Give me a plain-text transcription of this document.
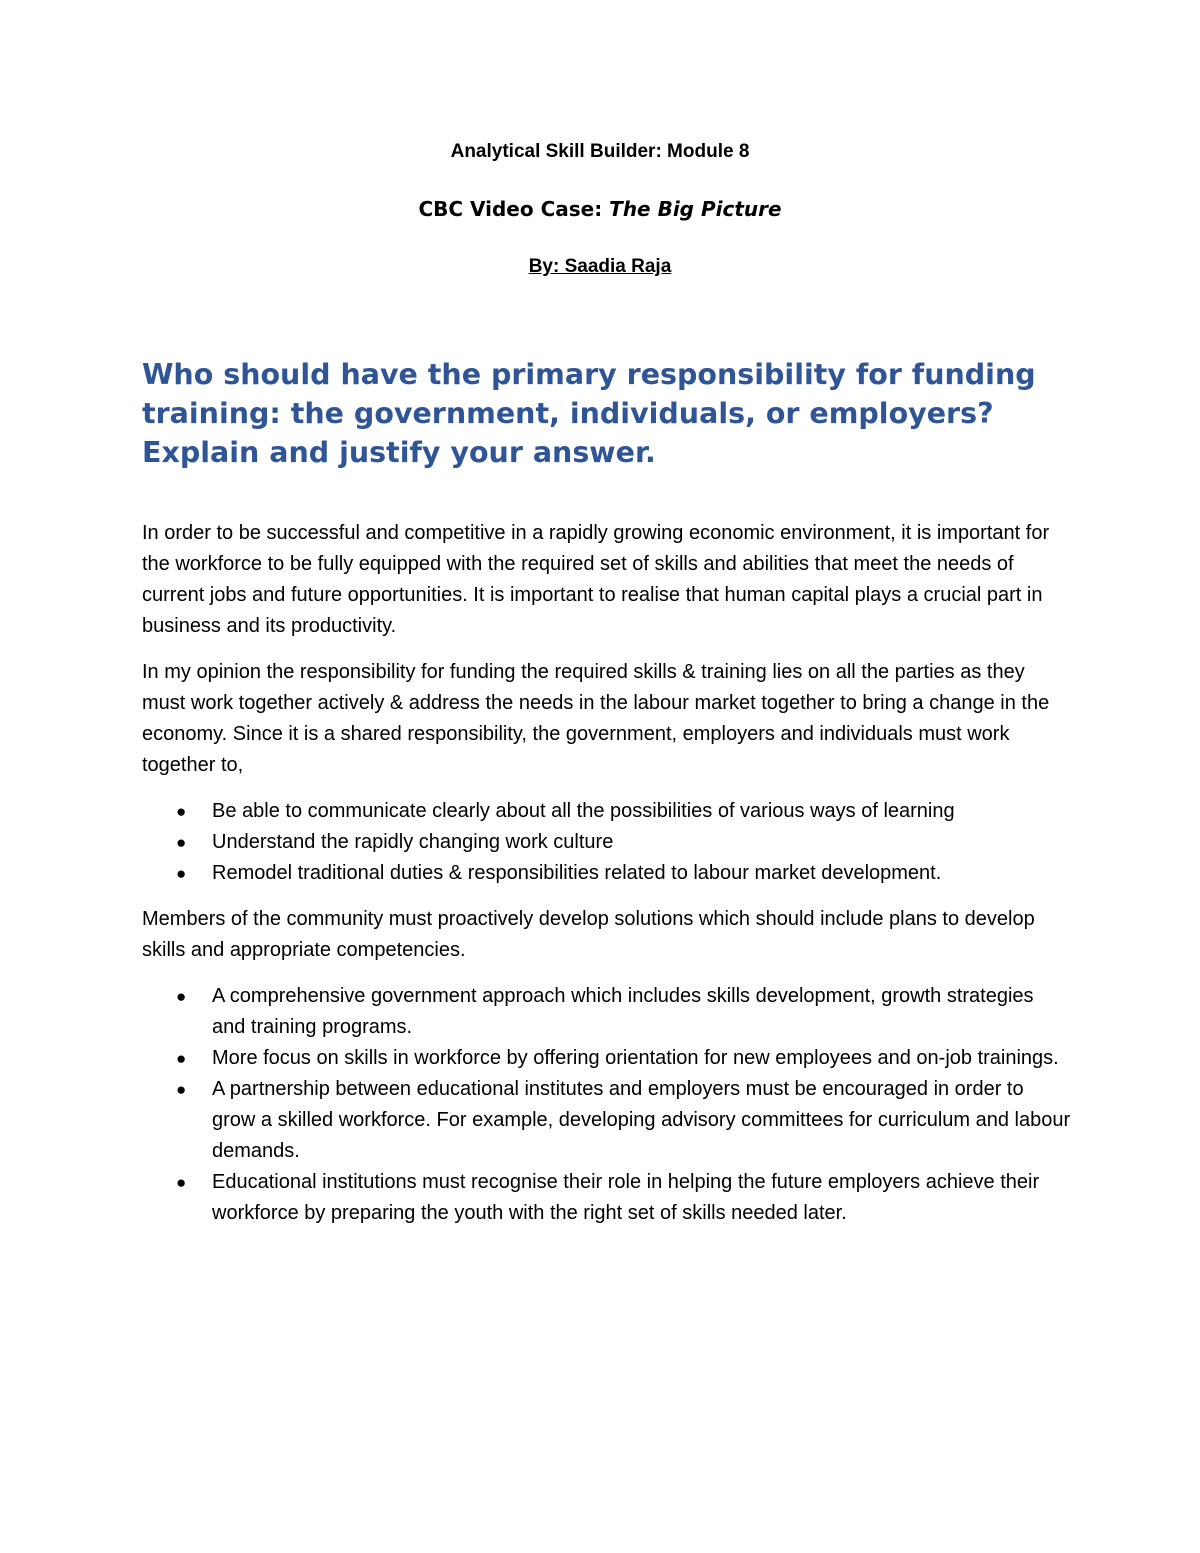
Analytical Skill Builder: Module 8
CBC Video Case: The Big Picture
By: Saadia Raja
Who should have the primary responsibility for funding training: the government, individuals, or employers? Explain and justify your answer.

In order to be successful and competitive in a rapidly growing economic environment, it is important for the workforce to be fully equipped with the required set of skills and abilities that meet the needs of current jobs and future opportunities. It is important to realise that human capital plays a crucial part in business and its productivity.

In my opinion the responsibility for funding the required skills & training lies on all the parties as they must work together actively & address the needs in the labour market together to bring a change in the economy. Since it is a shared responsibility, the government, employers and individuals must work together to,

● Be able to communicate clearly about all the possibilities of various ways of learning
● Understand the rapidly changing work culture
● Remodel traditional duties & responsibilities related to labour market development.

Members of the community must proactively develop solutions which should include plans to develop skills and appropriate competencies.

● A comprehensive government approach which includes skills development, growth strategies and training programs.
● More focus on skills in workforce by offering orientation for new employees and on-job trainings.
● A partnership between educational institutes and employers must be encouraged in order to grow a skilled workforce. For example, developing advisory committees for curriculum and labour demands.
● Educational institutions must recognise their role in helping the future employers achieve their workforce by preparing the youth with the right set of skills needed later.
